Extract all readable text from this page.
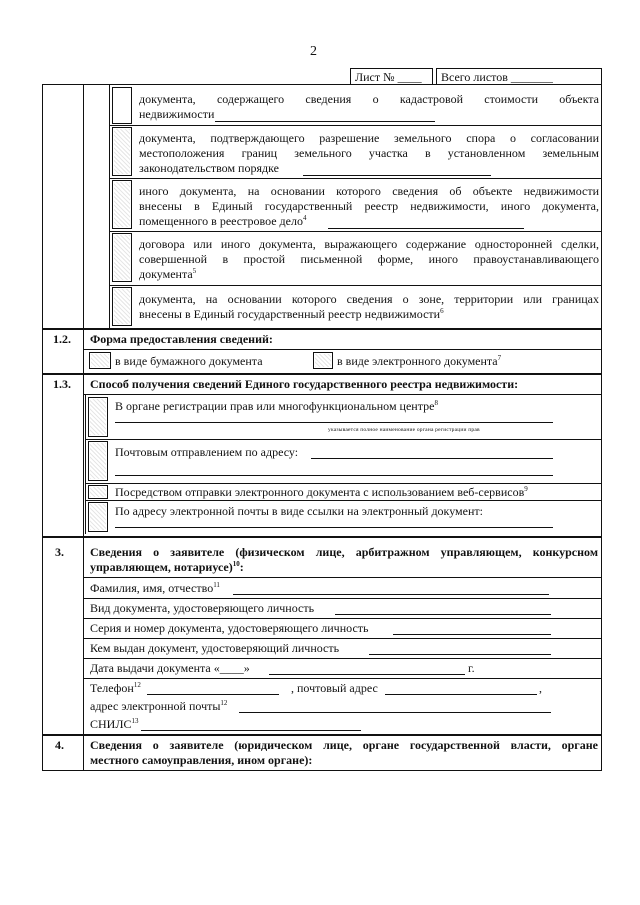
2
Лист № ____	Всего листов _______
документа, содержащего сведения о кадастровой стоимости объекта
недвижимости
документа, подтверждающего разрешение земельного спора о согласовании
местоположения границ земельного участка в установленном земельным
законодательством порядке
иного документа, на основании которого сведения об объекте недвижимости
внесены в Единый государственный реестр недвижимости, иного документа,
помещенного в реестровое дело$^4$
договора или иного документа, выражающего содержание односторонней сделки,
совершенной в простой письменной форме, иного правоустанавливающего
документа$^5$
документа, на основании которого сведения о зоне, территории или границах
внесены в Единый государственный реестр недвижимости$^6$
1.2. Форма предоставления сведений:
в виде бумажного документа	в виде электронного документа$^7$
1.3. Способ получения сведений Единого государственного реестра недвижимости:
В органе регистрации прав или многофункциональном центре$^8$
указывается полное наименование органа регистрации прав
Почтовым отправлением по адресу:
Посредством отправки электронного документа с использованием веб-сервисов$^9$
По адресу электронной почты в виде ссылки на электронный документ:
3. Сведения о заявителе (физическом лице, арбитражном управляющем, конкурсном
управляющем, нотариусе)$^{10}$:
Фамилия, имя, отчество$^{11}$
Вид документа, удостоверяющего личность
Серия и номер документа, удостоверяющего личность
Кем выдан документ, удостоверяющий личность
Дата выдачи документа «____»	г.
Телефон$^{12}$	, почтовый адрес	,
адрес электронной почты$^{12}$
СНИЛС$^{13}$
4. Сведения о заявителе (юридическом лице, органе государственной власти, органе
местного самоуправления, ином органе):
